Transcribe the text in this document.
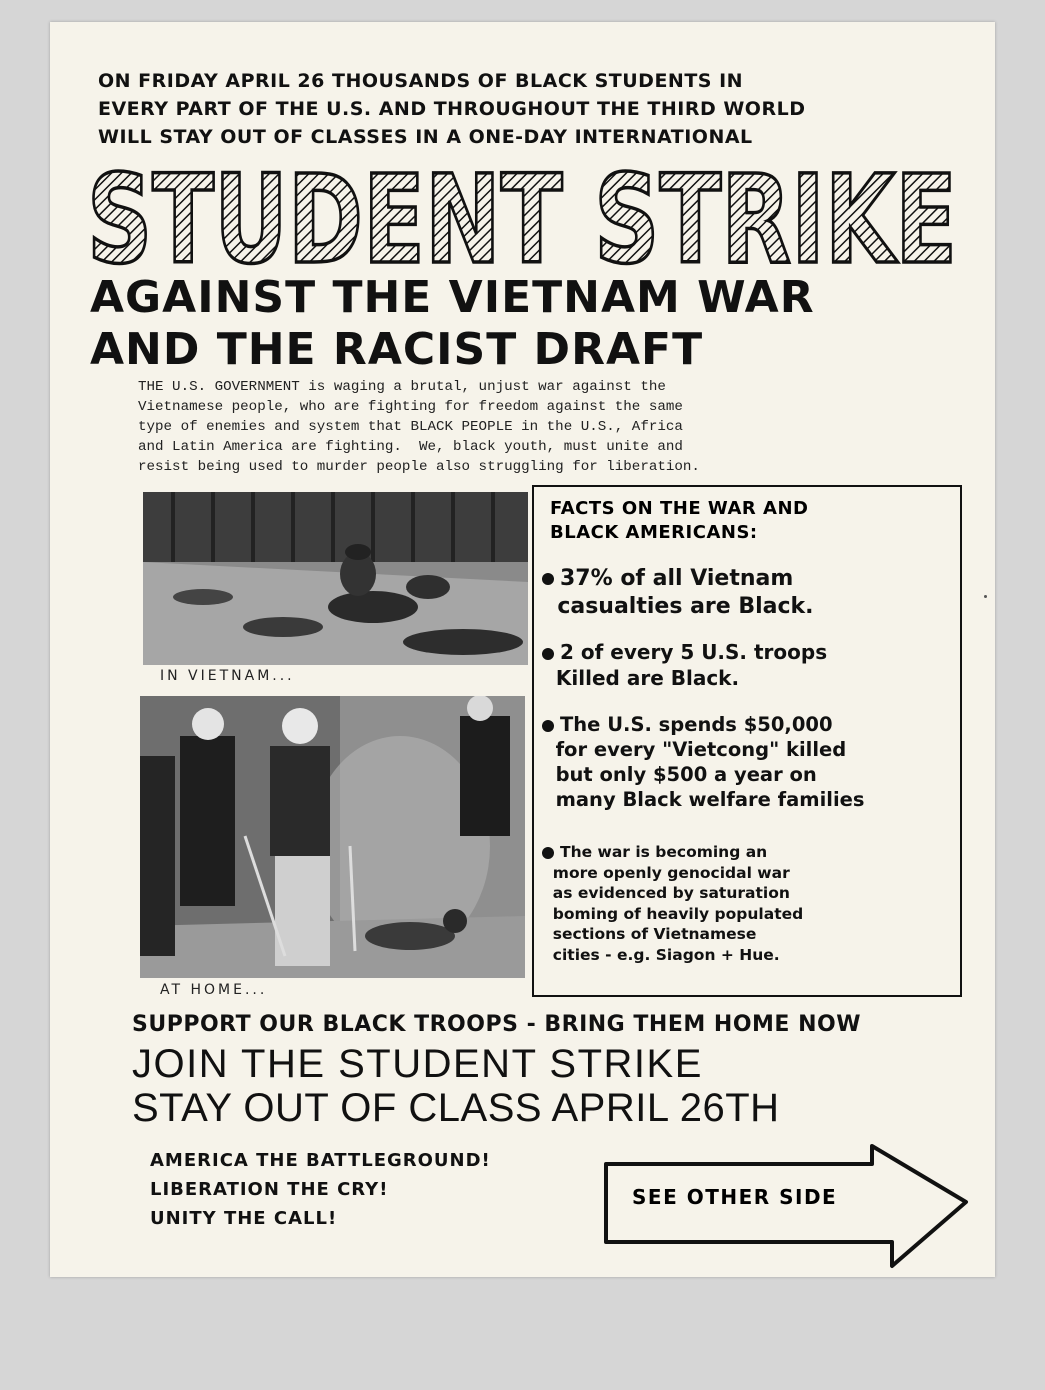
ON FRIDAY APRIL 26 THOUSANDS OF BLACK STUDENTS IN
EVERY PART OF THE U.S. AND THROUGHOUT THE THIRD WORLD
WILL STAY OUT OF CLASSES IN A ONE-DAY INTERNATIONAL
STUDENT STRIKE
AGAINST THE VIETNAM WAR
AND THE RACIST DRAFT
THE U.S. GOVERNMENT is waging a brutal, unjust war against the
Vietnamese people, who are fighting for freedom against the same
type of enemies and system that BLACK PEOPLE in the U.S., Africa
and Latin America are fighting.  We, black youth, must unite and
resist being used to murder people also struggling for liberation.
IN VIETNAM...
AT HOME...
FACTS ON THE WAR AND
BLACK AMERICANS:
37% of all Vietnam
casualties are Black.
2 of every 5 U.S. troops
Killed are Black.
The U.S. spends $50,000
for every "Vietcong" killed
but only $500 a year on
many Black welfare families
The war is becoming an
more openly genocidal war
as evidenced by saturation
boming of heavily populated
sections of Vietnamese
cities - e.g. Siagon + Hue.
SUPPORT OUR BLACK TROOPS - BRING THEM HOME NOW
JOIN THE STUDENT STRIKE
STAY OUT OF CLASS APRIL 26TH
AMERICA THE BATTLEGROUND!
LIBERATION THE CRY!
UNITY THE CALL!
SEE OTHER SIDE
